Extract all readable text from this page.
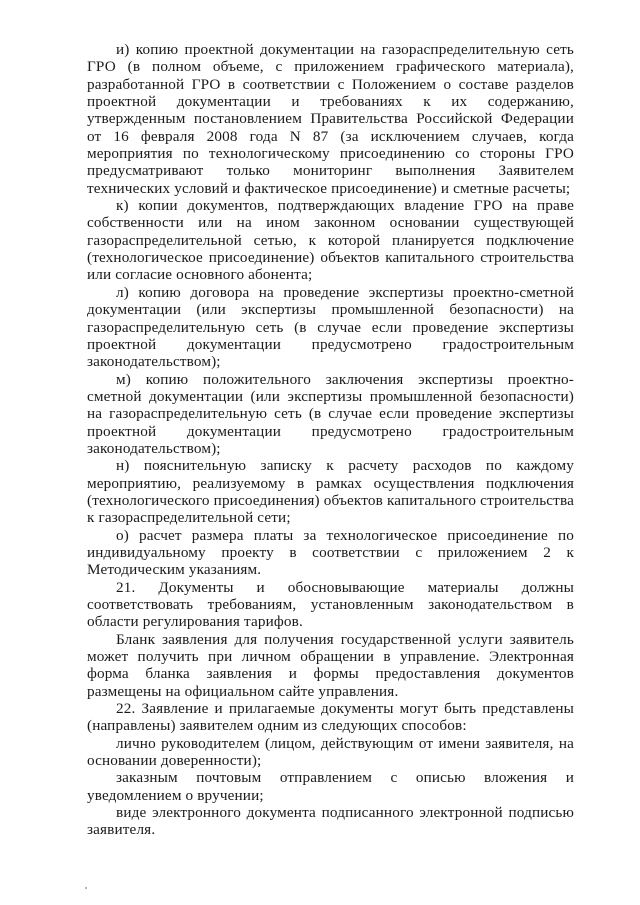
и) копию проектной документации на газораспределительную сеть ГРО (в полном объеме, с приложением графического материала), разработанной ГРО в соответствии с Положением о составе разделов проектной документации и требованиях к их содержанию, утвержденным постановлением Правительства Российской Федерации от 16 февраля 2008 года N 87 (за исключением случаев, когда мероприятия по технологическому присоединению со стороны ГРО предусматривают только мониторинг выполнения Заявителем технических условий и фактическое присоединение) и сметные расчеты;

к) копии документов, подтверждающих владение ГРО на праве собственности или на ином законном основании существующей газораспределительной сетью, к которой планируется подключение (технологическое присоединение) объектов капитального строительства или согласие основного абонента;

л) копию договора на проведение экспертизы проектно-сметной документации (или экспертизы промышленной безопасности) на газораспределительную сеть (в случае если проведение экспертизы проектной документации предусмотрено градостроительным законодательством);

м) копию положительного заключения экспертизы проектно-сметной документации (или экспертизы промышленной безопасности) на газораспределительную сеть (в случае если проведение экспертизы проектной документации предусмотрено градостроительным законодательством);

н) пояснительную записку к расчету расходов по каждому мероприятию, реализуемому в рамках осуществления подключения (технологического присоединения) объектов капитального строительства к газораспределительной сети;

о) расчет размера платы за технологическое присоединение по индивидуальному проекту в соответствии с приложением 2 к Методическим указаниям.

21. Документы и обосновывающие материалы должны соответствовать требованиям, установленным законодательством в области регулирования тарифов.

Бланк заявления для получения государственной услуги заявитель может получить при личном обращении в управление. Электронная форма бланка заявления и формы предоставления документов размещены на официальном сайте управления.

22. Заявление и прилагаемые документы могут быть представлены (направлены) заявителем одним из следующих способов:

лично руководителем (лицом, действующим от имени заявителя, на основании доверенности);

заказным почтовым отправлением с описью вложения и уведомлением о вручении;

виде электронного документа подписанного электронной подписью заявителя.
